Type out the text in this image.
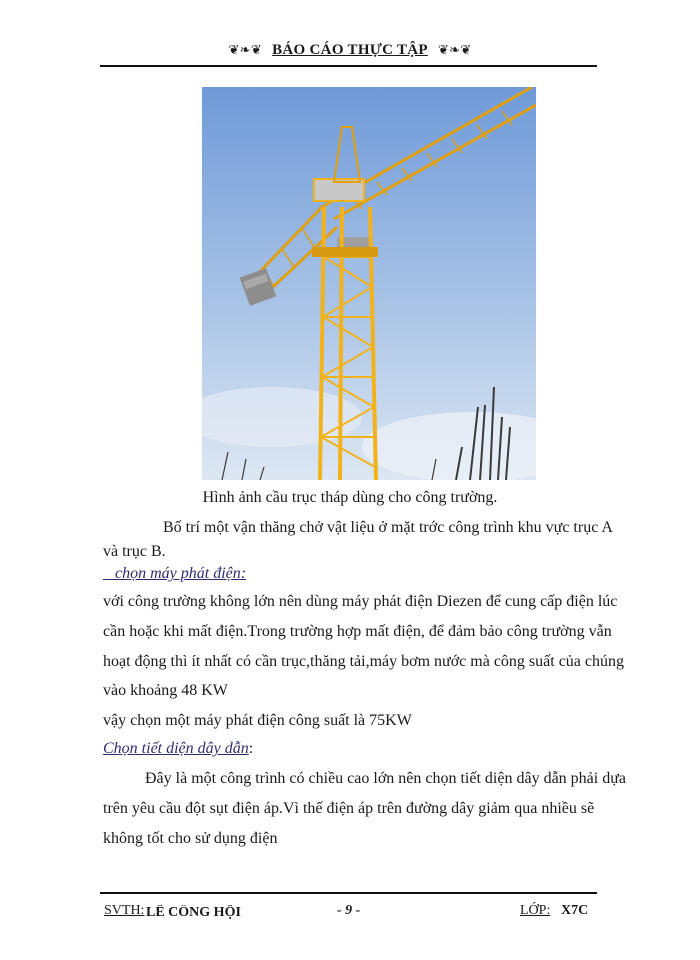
❦❧❦ BÁO CÁO THỰC TẬP ❦❧❦
Hình ảnh cầu trục tháp dùng cho công trường.
Bố trí một vận thăng chở vật liệu ở mặt trớc công trình khu vực trục A
và trục B.
chọn máy phát điện:
với công trường không lớn nên dùng máy phát điện Diezen để cung cấp điện lúc
cần hoặc khi mất điện.Trong trường hợp mất điện, để đảm bảo công trường vẫn
hoạt động thì ít nhất có cần trục,thăng tải,máy bơm nước mà công suất của chúng
vào khoảng 48 KW
vậy chọn một máy phát điện công suất là 75KW
Chọn tiết diện dây dẫn:
Đây là một công trình có chiều cao lớn nên chọn tiết diện dây dẫn phải dựa
trên yêu cầu đột sụt điện áp.Vì thế điện áp trên đường dây giảm qua nhiều sẽ
không tốt cho sử dụng điện
SVTH: LÊ CÔNG HỘI	- 9 -	LỚP: X7C
